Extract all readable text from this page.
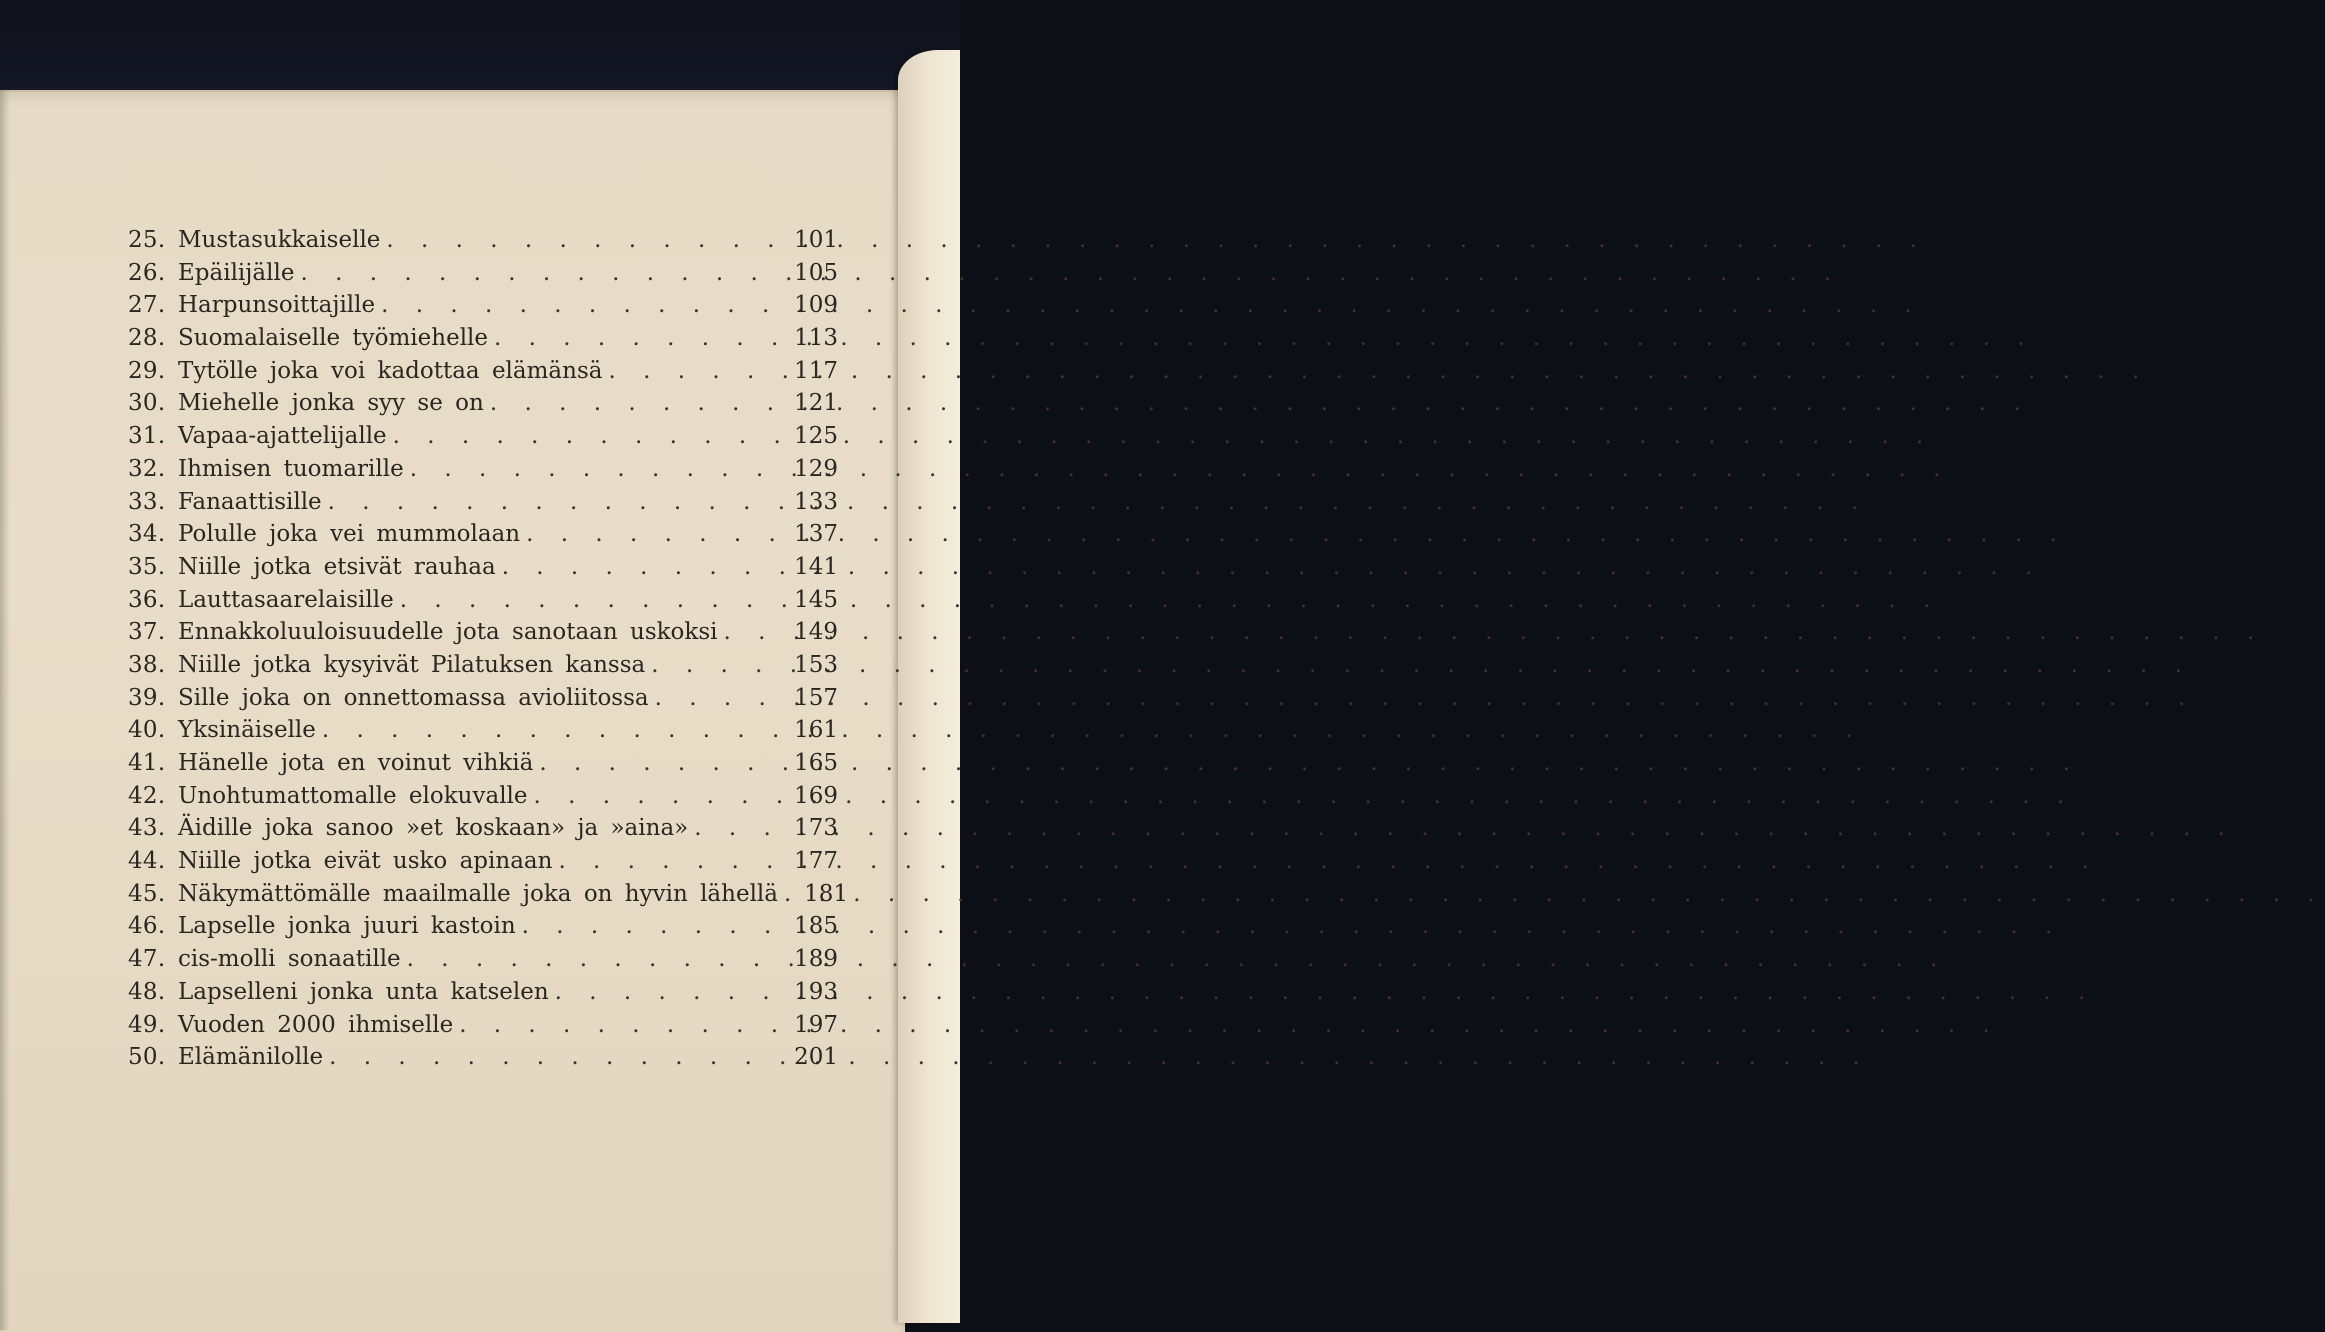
25. Mustasukkaiselle . . .	101
26. Epäilijälle . . .	105
27. Harpunsoittajille . . .	109
28. Suomalaiselle työmiehelle . . .	113
29. Tytölle joka voi kadottaa elämänsä . . .	117
30. Miehelle jonka syy se on . . .	121
31. Vapaa-ajattelijalle . . .	125
32. Ihmisen tuomarille . . .	129
33. Fanaattisille . . .	133
34. Polulle joka vei mummolaan . . .	137
35. Niille jotka etsivät rauhaa . . .	141
36. Lauttasaarelaisille . . .	145
37. Ennakkoluuloisuudelle jota sanotaan uskoksi . . .	149
38. Niille jotka kysyivät Pilatuksen kanssa . . .	153
39. Sille joka on onnettomassa avioliitossa . . .	157
40. Yksinäiselle . . .	161
41. Hänelle jota en voinut vihkiä . . .	165
42. Unohtumattomalle elokuvalle . . .	169
43. Äidille joka sanoo »et koskaan» ja »aina» . . .	173
44. Niille jotka eivät usko apinaan . . .	177
45. Näkymättömälle maailmalle joka on hyvin lähellä . . . 181
46. Lapselle jonka juuri kastoin . . .	185
47. cis-molli sonaatille . . .	189
48. Lapselleni jonka unta katselen . . .	193
49. Vuoden 2000 ihmiselle . . .	197
50. Elämänilolle . . .	201
